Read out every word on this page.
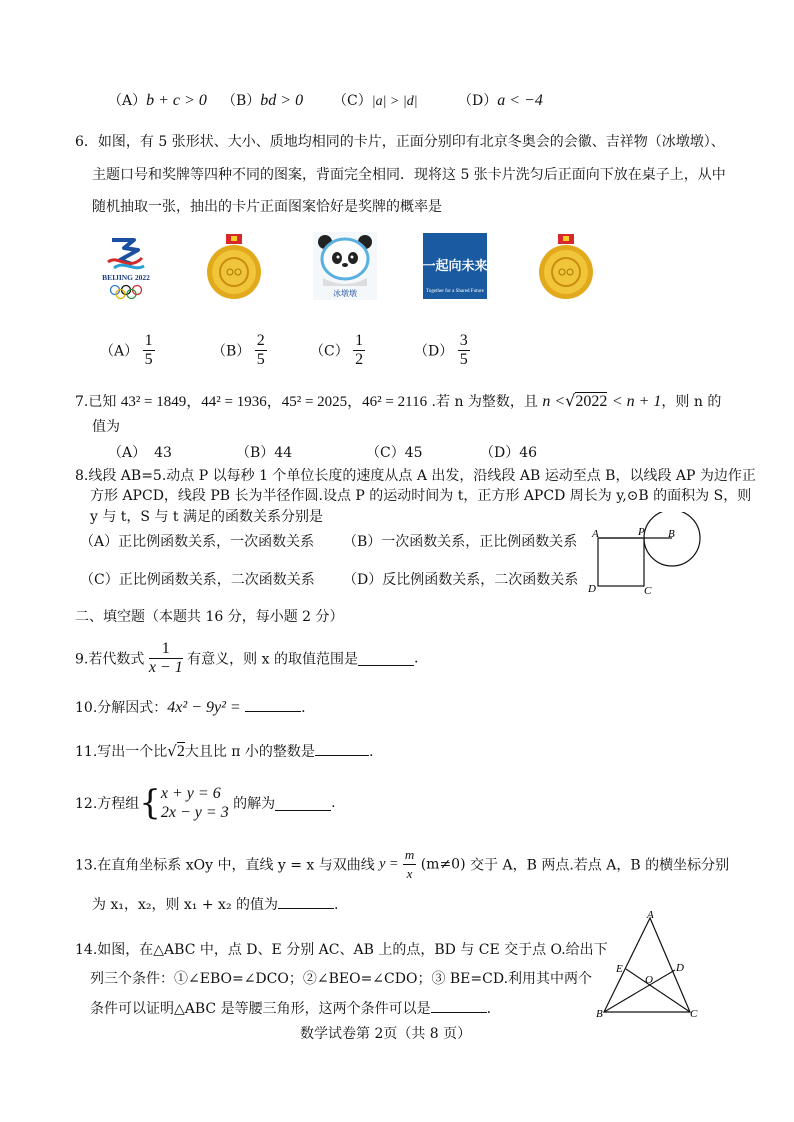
（A）b + c > 0 （B）bd > 0 （C）|a| > |d|	（D）a < −4
6．如图，有 5 张形状、大小、质地均相同的卡片，正面分别印有北京冬奥会的会徽、吉祥物（冰墩墩）、
主题口号和奖牌等四种不同的图案，背面完全相同．现将这 5 张卡片洗匀后正面向下放在桌子上，从中
随机抽取一张，抽出的卡片正面图案恰好是奖牌的概率是
BEIJING 2022
冰墩墩
一起向未来
Together for a Shared Future
$(A) \frac{1}{5}$	$(B) \frac{2}{5}$	$(C) \frac{1}{2}$	$(D) \frac{3}{5}$
7.已知 43² = 1849，44² = 1936，45² = 2025，46² = 2116 .若 n 为整数，且 n <√2022 < n + 1，则 n 的
值为
（A） 43	（B）44	（C）45	（D）46
8.线段 AB=5.动点 P 以每秒 1 个单位长度的速度从点 A 出发，沿线段 AB 运动至点 B，以线段 AP 为边作正
方形 APCD，线段 PB 长为半径作圆.设点 P 的运动时间为 t，正方形 APCD 周长为 y,⊙B 的面积为 S，则
y 与 t，S 与 t 满足的函数关系分别是
（A）正比例函数关系，一次函数关系 （B）一次函数关系，正比例函数关系
（C）正比例函数关系，二次函数关系 （D）反比例函数关系，二次函数关系
A	P B
D	C
二、填空题（本题共 16 分，每小题 2 分）
9.若代数式 $\frac{1}{x - 1}$ 有意义，则 x 的取值范围是	.
10.分解因式：4x² − 9y² =	.
11.写出一个比√2大且比 π 小的整数是	.
12.方程组{ x + y = 6
2x − y = 3 的解为	.
13.在直角坐标系 xOy 中，直线 y = x 与双曲线 $y = \frac{m}{x} (m\ne 0)$ 交于 A，B 两点.若点 A，B 的横坐标分别
为 x₁，x₂，则 x₁ + x₂ 的值为	.
14.如图，在△ABC 中，点 D、E 分别 AC、AB 上的点，BD 与 CE 交于点 O.给出下
列三个条件：①∠EBO=∠DCO；②∠BEO=∠CDO；③ BE=CD.利用其中两个
条件可以证明△ABC 是等腰三角形，这两个条件可以是	.
A
B	C
D
E
O
数学试卷第 2页（共 8 页）
